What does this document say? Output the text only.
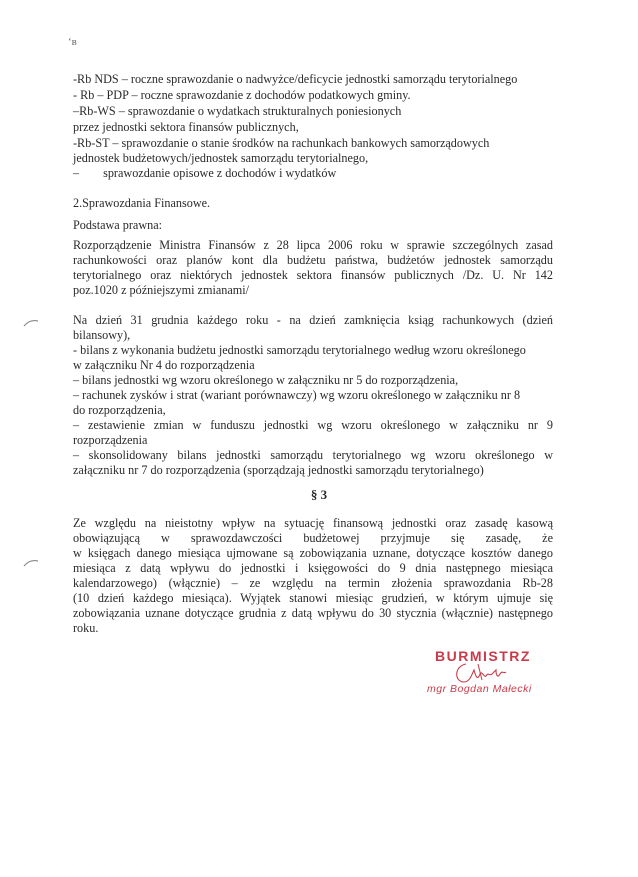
‘ʙ
-Rb NDS – roczne sprawozdanie o nadwyżce/deficycie jednostki samorządu terytorialnego
- Rb – PDP – roczne sprawozdanie z dochodów podatkowych gminy.
–Rb-WS – sprawozdanie o wydatkach strukturalnych poniesionych
przez jednostki sektora finansów publicznych,
-Rb-ST – sprawozdanie o stanie środków na rachunkach bankowych samorządowych
jednostek budżetowych/jednostek samorządu terytorialnego,
– sprawozdanie opisowe z dochodów i wydatków
2.Sprawozdania Finansowe.
Podstawa prawna:
Rozporządzenie Ministra Finansów z 28 lipca 2006 roku w sprawie szczególnych zasad
rachunkowości oraz planów kont dla budżetu państwa, budżetów jednostek samorządu
terytorialnego oraz niektórych jednostek sektora finansów publicznych /Dz. U. Nr 142
poz.1020 z późniejszymi zmianami/
Na dzień 31 grudnia każdego roku - na dzień zamknięcia ksiąg rachunkowych (dzień
bilansowy),
- bilans z wykonania budżetu jednostki samorządu terytorialnego według wzoru określonego
w załączniku Nr 4 do rozporządzenia
– bilans jednostki wg wzoru określonego w załączniku nr 5 do rozporządzenia,
– rachunek zysków i strat (wariant porównawczy) wg wzoru określonego w załączniku nr 8
do rozporządzenia,
– zestawienie zmian w funduszu jednostki wg wzoru określonego w załączniku nr 9
rozporządzenia
– skonsolidowany bilans jednostki samorządu terytorialnego wg wzoru określonego w
załączniku nr 7 do rozporządzenia (sporządzają jednostki samorządu terytorialnego)
§ 3
Ze względu na nieistotny wpływ na sytuację finansową jednostki oraz zasadę kasową
obowiązującą w sprawozdawczości budżetowej przyjmuje się zasadę, że
w księgach danego miesiąca ujmowane są zobowiązania uznane, dotyczące kosztów danego
miesiąca z datą wpływu do jednostki i księgowości do 9 dnia następnego miesiąca
kalendarzowego) (włącznie) – ze względu na termin złożenia sprawozdania Rb-28
(10 dzień każdego miesiąca). Wyjątek stanowi miesiąc grudzień, w którym ujmuje się
zobowiązania uznane dotyczące grudnia z datą wpływu do 30 stycznia (włącznie) następnego
roku.
BURMISTRZ
mgr Bogdan Małecki
